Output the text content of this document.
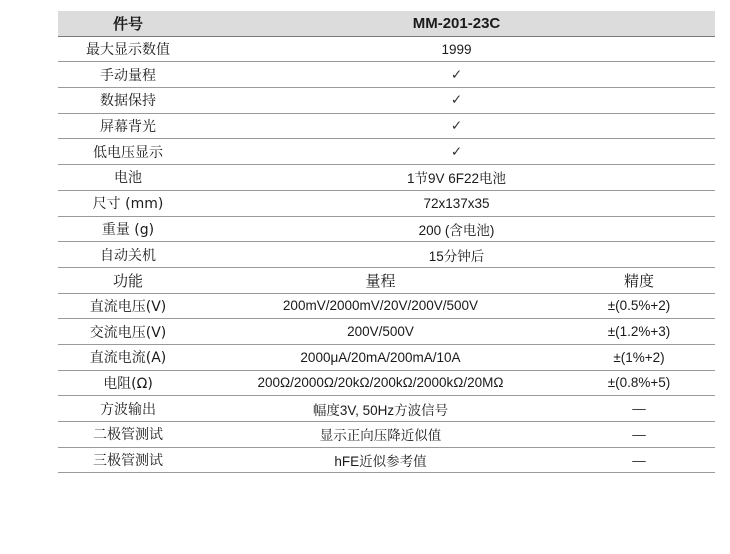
件号	MM-201-23C	
最大显示数值	1999	
手动量程	✓	
数据保持	✓	
屏幕背光	✓	
低电压显示	✓	
电池	1节9V 6F22电池	
尺寸 (mm)	72x137x35	
重量 (g)	200 (含电池)	
自动关机	15分钟后	
功能	量程	精度
直流电压(V)	200mV/2000mV/20V/200V/500V	±(0.5%+2)
交流电压(V)	200V/500V	±(1.2%+3)
直流电流(A)	2000μA/20mA/200mA/10A	±(1%+2)
电阻(Ω)	200Ω/2000Ω/20kΩ/200kΩ/2000kΩ/20MΩ	±(0.8%+5)
方波输出	幅度3V, 50Hz方波信号	—
二极管测试	显示正向压降近似值	—
三极管测试	hFE近似参考值	—
